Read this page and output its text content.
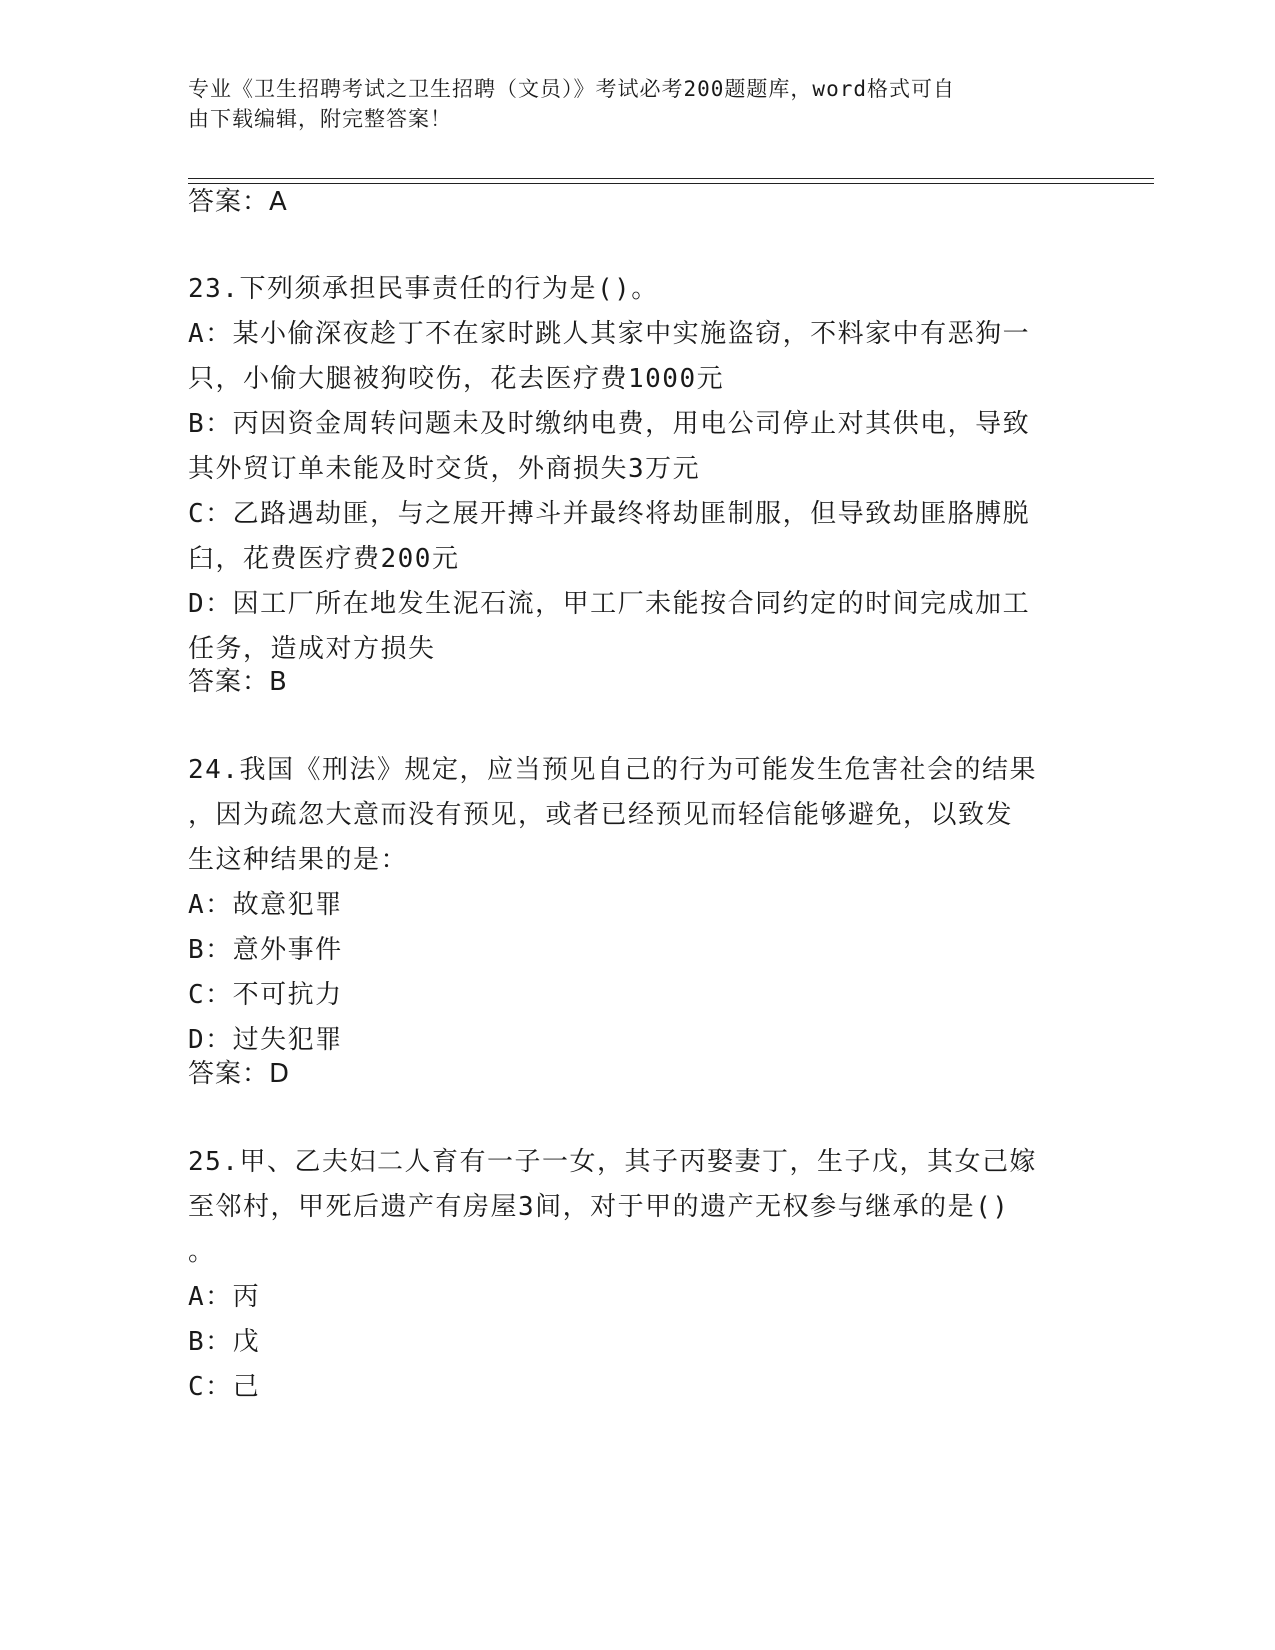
专业《卫生招聘考试之卫生招聘（文员）》考试必考200题题库，word格式可自
由下载编辑，附完整答案！
答案：A
23.下列须承担民事责任的行为是()。
A：某小偷深夜趁丁不在家时跳人其家中实施盗窃，不料家中有恶狗一
只，小偷大腿被狗咬伤，花去医疗费1000元
B：丙因资金周转问题未及时缴纳电费，用电公司停止对其供电，导致
其外贸订单未能及时交货，外商损失3万元
C：乙路遇劫匪，与之展开搏斗并最终将劫匪制服，但导致劫匪胳膊脱
臼，花费医疗费200元
D：因工厂所在地发生泥石流，甲工厂未能按合同约定的时间完成加工
任务，造成对方损失
答案：B
24.我国《刑法》规定，应当预见自己的行为可能发生危害社会的结果
，因为疏忽大意而没有预见，或者已经预见而轻信能够避免，以致发
生这种结果的是：
A：故意犯罪
B：意外事件
C：不可抗力
D：过失犯罪
答案：D
25.甲、乙夫妇二人育有一子一女，其子丙娶妻丁，生子戊，其女己嫁
至邻村，甲死后遗产有房屋3间，对于甲的遗产无权参与继承的是()
。
A：丙
B：戊
C：己
